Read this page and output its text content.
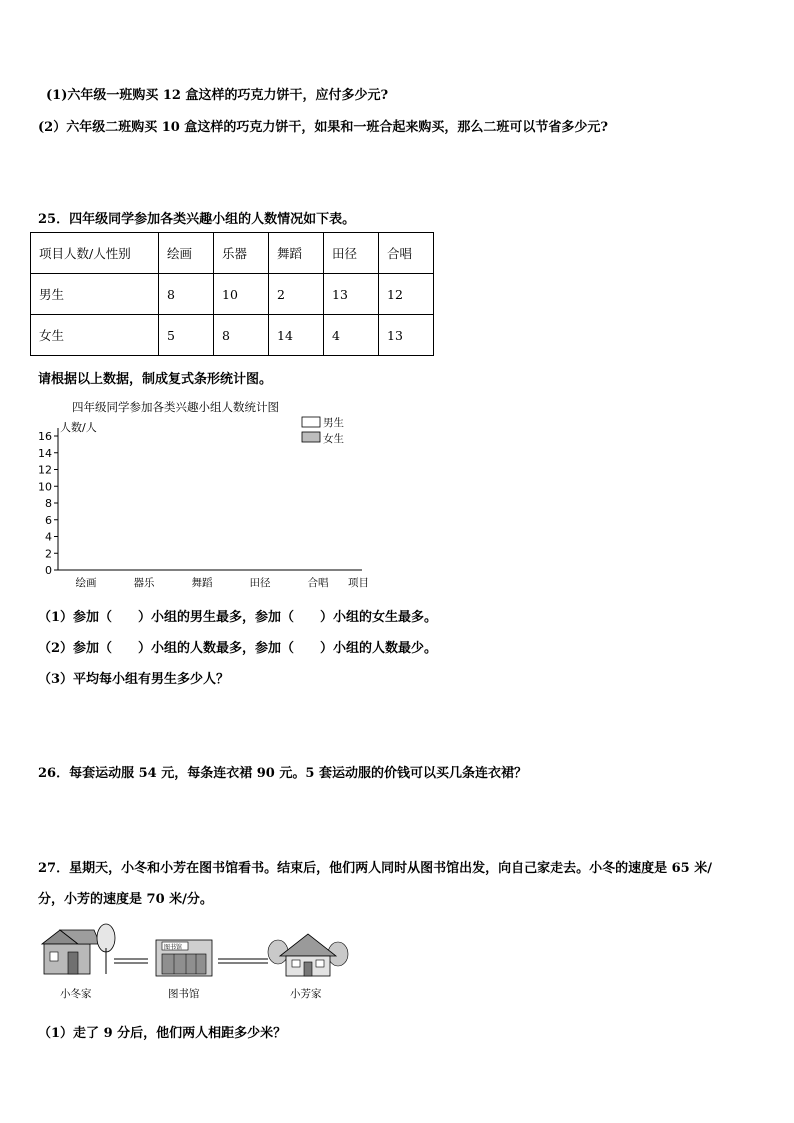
(1)六年级一班购买 12 盒这样的巧克力饼干，应付多少元?
(2）六年级二班购买 10 盒这样的巧克力饼干，如果和一班合起来购买，那么二班可以节省多少元?
25．四年级同学参加各类兴趣小组的人数情况如下表。
项目人数/人性别	绘画	乐器	舞蹈	田径	合唱
男生	8	10	2	13	12
女生	5	8	14	4	13
请根据以上数据，制成复式条形统计图。
四年级同学参加各类兴趣小组人数统计图
人数/人
项目
0
2
4
6
8
10
12
14
16
绘画	器乐	舞蹈	田径	合唱
男生
女生
（1）参加（　　）小组的男生最多，参加（　　）小组的女生最多。
（2）参加（　　）小组的人数最多，参加（　　）小组的人数最少。
（3）平均每小组有男生多少人？
26．每套运动服 54 元，每条连衣裙 90 元。5 套运动服的价钱可以买几条连衣裙？
27．星期天，小冬和小芳在图书馆看书。结束后，他们两人同时从图书馆出发，向自己家走去。小冬的速度是 65 米/
分，小芳的速度是 70 米/分。
图书馆
小冬家	图书馆	小芳家
（1）走了 9 分后，他们两人相距多少米？
